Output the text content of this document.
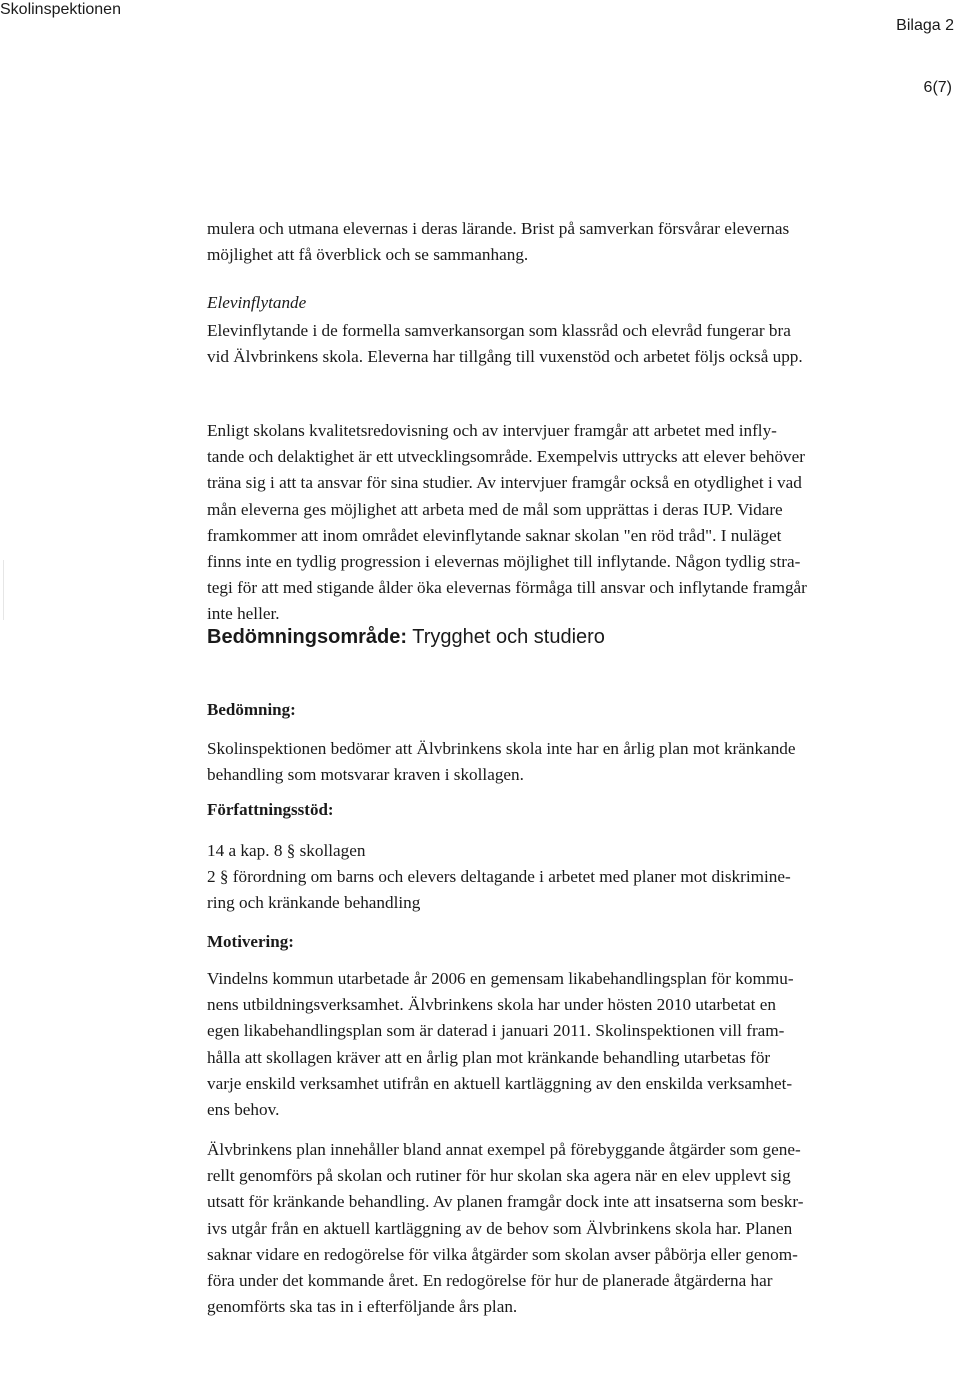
Skolinspektionen
Bilaga 2
6(7)

mulera och utmana elevernas i deras lärande. Brist på samverkan försvårar elevernas
möjlighet att få överblick och se sammanhang.

Elevinflytande

Elevinflytande i de formella samverkansorgan som klassråd och elevråd fungerar bra
vid Älvbrinkens skola. Eleverna har tillgång till vuxenstöd och arbetet följs också upp.

Enligt skolans kvalitetsredovisning och av intervjuer framgår att arbetet med infly-
tande och delaktighet är ett utvecklingsområde. Exempelvis uttrycks att elever behöver
träna sig i att ta ansvar för sina studier. Av intervjuer framgår också en otydlighet i vad
mån eleverna ges möjlighet att arbeta med de mål som upprättas i deras IUP. Vidare
framkommer att inom området elevinflytande saknar skolan "en röd tråd". I nuläget
finns inte en tydlig progression i elevernas möjlighet till inflytande. Någon tydlig stra-
tegi för att med stigande ålder öka elevernas förmåga till ansvar och inflytande framgår
inte heller.

Bedömningsområde: Trygghet och studiero
Bedömning:

Skolinspektionen bedömer att Älvbrinkens skola inte har en årlig plan mot kränkande
behandling som motsvarar kraven i skollagen.

Författningsstöd:

14 a kap. 8 § skollagen
2 § förordning om barns och elevers deltagande i arbetet med planer mot diskrimine-
ring och kränkande behandling

Motivering:

Vindelns kommun utarbetade år 2006 en gemensam likabehandlingsplan för kommu-
nens utbildningsverksamhet. Älvbrinkens skola har under hösten 2010 utarbetat en
egen likabehandlingsplan som är daterad i januari 2011. Skolinspektionen vill fram-
hålla att skollagen kräver att en årlig plan mot kränkande behandling utarbetas för
varje enskild verksamhet utifrån en aktuell kartläggning av den enskilda verksamhet-
ens behov.

Älvbrinkens plan innehåller bland annat exempel på förebyggande åtgärder som gene-
rellt genomförs på skolan och rutiner för hur skolan ska agera när en elev upplevt sig
utsatt för kränkande behandling. Av planen framgår dock inte att insatserna som beskr-
ivs utgår från en aktuell kartläggning av de behov som Älvbrinkens skola har. Planen
saknar vidare en redogörelse för vilka åtgärder som skolan avser påbörja eller genom-
föra under det kommande året. En redogörelse för hur de planerade åtgärderna har
genomförts ska tas in i efterföljande års plan.
